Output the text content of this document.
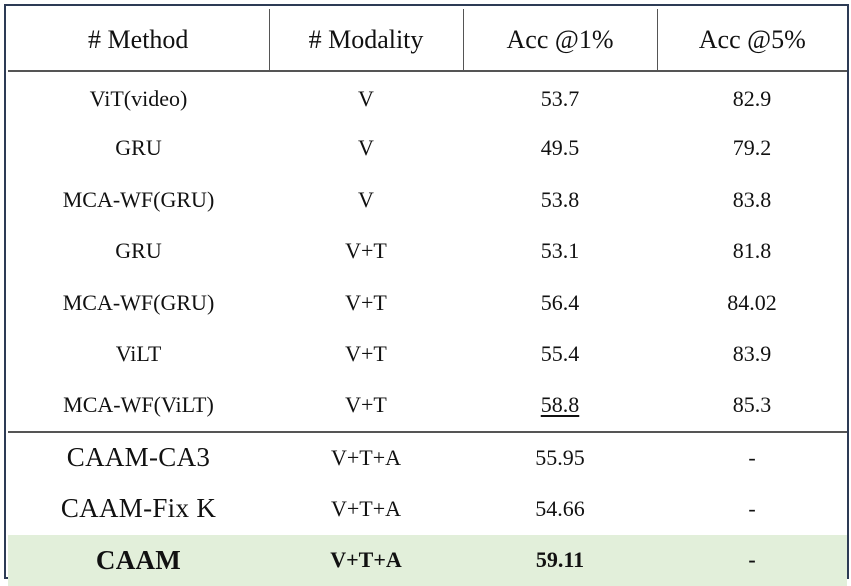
# Method	# Modality	Acc @1%	Acc @5%
ViT(video)	V	53.7	82.9
GRU	V	49.5	79.2
MCA-WF(GRU)	V	53.8	83.8
GRU	V+T	53.1	81.8
MCA-WF(GRU)	V+T	56.4	84.02
ViLT	V+T	55.4	83.9
MCA-WF(ViLT)	V+T	58.8	85.3
CAAM-CA3	V+T+A	55.95	-
CAAM-Fix K	V+T+A	54.66	-
CAAM	V+T+A	59.11	-
